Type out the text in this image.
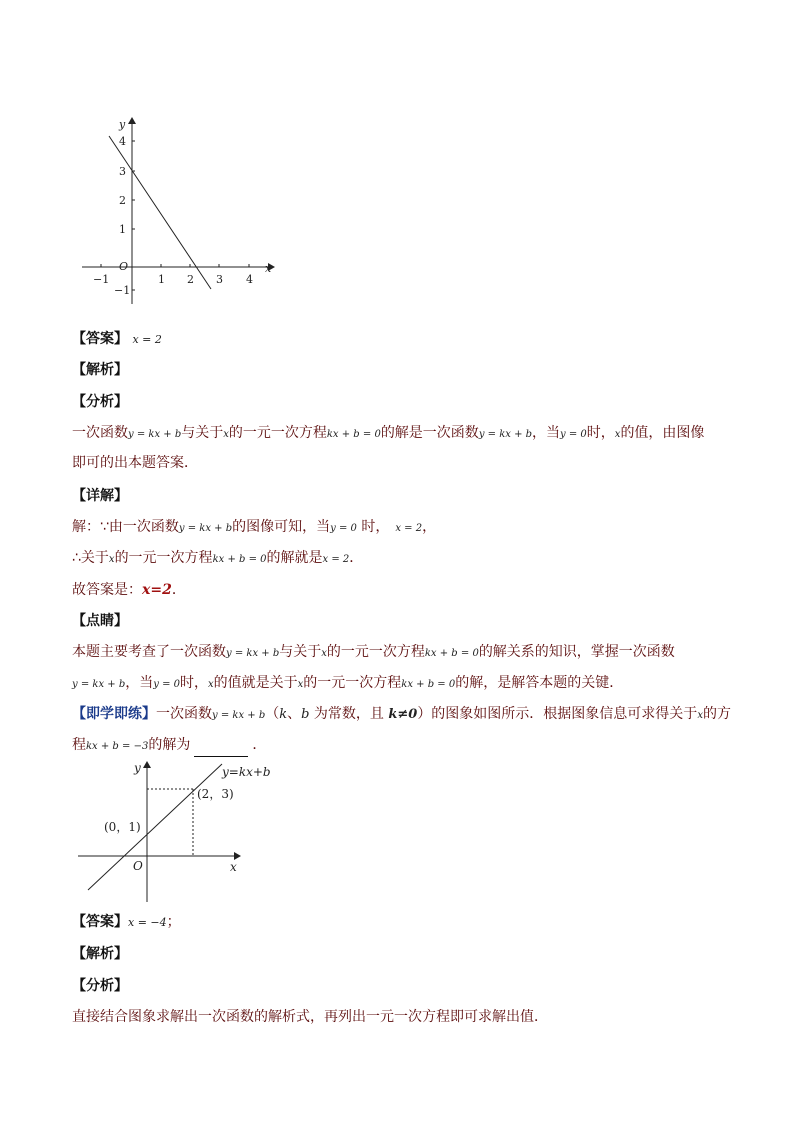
−1	1 2 3 4
4
3
2
1
−1
O
y
x
【答案】 x = 2
【解析】
【分析】
一次函数y = kx + b与关于x的一元一次方程kx + b = 0的解是一次函数y = kx + b，当y = 0时，x的值，由图像
即可的出本题答案．
【详解】
解：∵由一次函数y = kx + b的图像可知，当y = 0 时， x = 2，
∴关于x的一元一次方程kx + b = 0的解就是x = 2．
故答案是：x=2．
【点睛】
本题主要考查了一次函数y = kx + b与关于x的一元一次方程kx + b = 0的解关系的知识，掌握一次函数
y = kx + b，当y = 0时，x的值就是关于x的一元一次方程kx + b = 0的解，是解答本题的关键．
【即学即练】一次函数y = kx + b（k、b 为常数，且 k≠0）的图象如图所示．根据图象信息可求得关于x的方
程kx + b = −3的解为	．
y=kx+b
(2，3)
(0，1)
O
y
x
【答案】x = −4；
【解析】
【分析】
直接结合图象求解出一次函数的解析式，再列出一元一次方程即可求解出值．
